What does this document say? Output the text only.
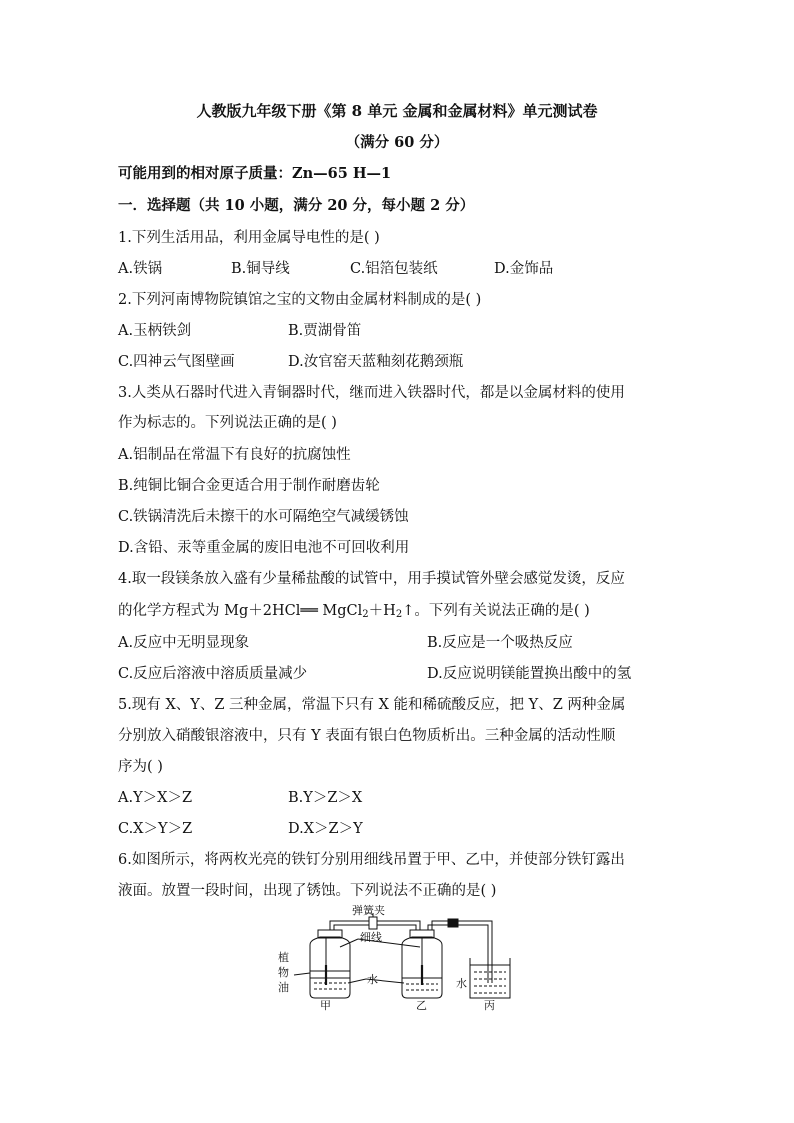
人教版九年级下册《第 8 单元 金属和金属材料》单元测试卷
（满分 60 分）
可能用到的相对原子质量：Zn—65 H—1
一．选择题（共 10 小题，满分 20 分，每小题 2 分）
1.下列生活用品，利用金属导电性的是( )
A.铁锅	B.铜导线	C.铝箔包装纸	D.金饰品
2.下列河南博物院镇馆之宝的文物由金属材料制成的是( )
A.玉柄铁剑	B.贾湖骨笛
C.四神云气图壁画	D.汝官窑天蓝釉刻花鹅颈瓶
3.人类从石器时代进入青铜器时代，继而进入铁器时代，都是以金属材料的使用
作为标志的。下列说法正确的是( )
A.铝制品在常温下有良好的抗腐蚀性
B.纯铜比铜合金更适合用于制作耐磨齿轮
C.铁锅清洗后未擦干的水可隔绝空气减缓锈蚀
D.含铅、汞等重金属的废旧电池不可回收利用
4.取一段镁条放入盛有少量稀盐酸的试管中，用手摸试管外壁会感觉发烫，反应
的化学方程式为 Mg＋2HCl══ $MgCl_2+H_2↑$。下列有关说法正确的是( )
A.反应中无明显现象	B.反应是一个吸热反应
C.反应后溶液中溶质质量减少	D.反应说明镁能置换出酸中的氢
5.现有 X、Y、Z 三种金属，常温下只有 X 能和稀硫酸反应，把 Y、Z 两种金属
分别放入硝酸银溶液中，只有 Y 表面有银白色物质析出。三种金属的活动性顺
序为( )
A.Y＞X＞Z	B.Y＞Z＞X
C.X＞Y＞Z	D.X＞Z＞Y
6.如图所示，将两枚光亮的铁钉分别用细线吊置于甲、乙中，并使部分铁钉露出
液面。放置一段时间，出现了锈蚀。下列说法不正确的是( )
弹簧夹
细线
植
物
油
水	水
甲	乙	丙
